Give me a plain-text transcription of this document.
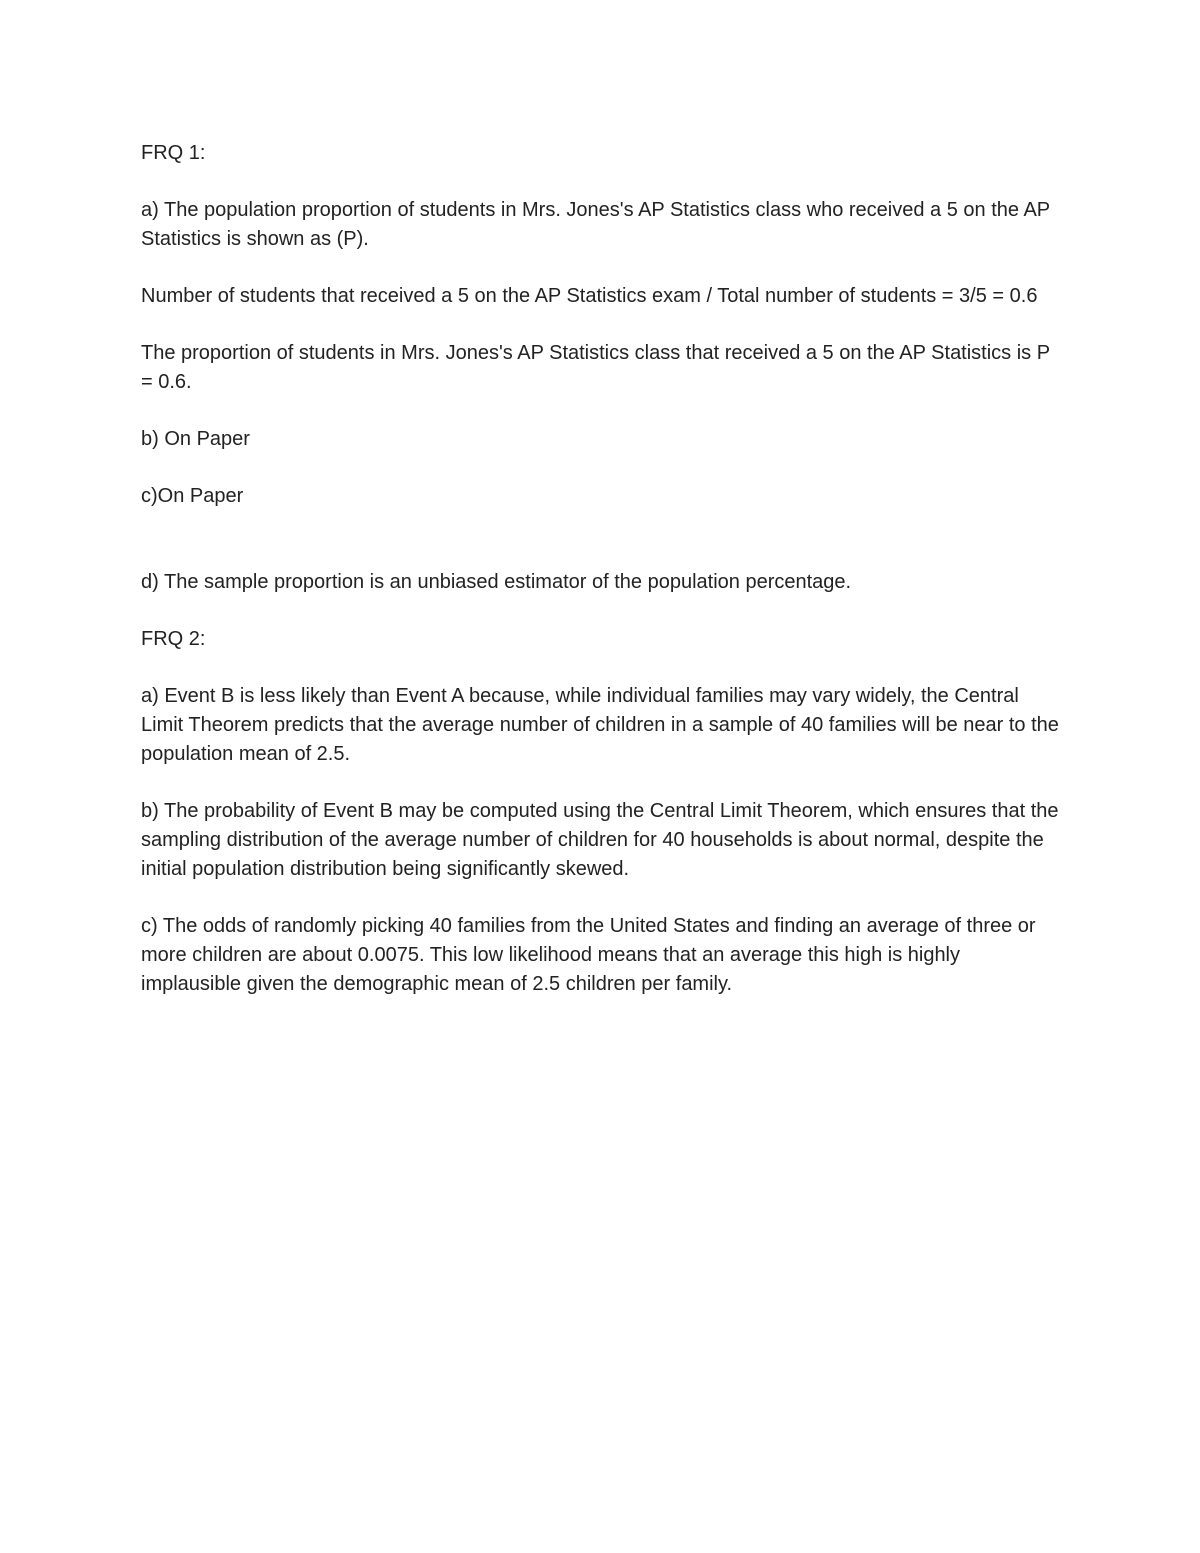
FRQ 1:

a) The population proportion of students in Mrs. Jones's AP Statistics class who received a 5 on the AP Statistics is shown as (P).

Number of students that received a 5 on the AP Statistics exam / Total number of students = 3/5 = 0.6

The proportion of students in Mrs. Jones's AP Statistics class that received a 5 on the AP Statistics is P = 0.6.

b) On Paper

c)On Paper

d) The sample proportion is an unbiased estimator of the population percentage.

FRQ 2:

a) Event B is less likely than Event A because, while individual families may vary widely, the Central Limit Theorem predicts that the average number of children in a sample of 40 families will be near to the population mean of 2.5.

b) The probability of Event B may be computed using the Central Limit Theorem, which ensures that the sampling distribution of the average number of children for 40 households is about normal, despite the initial population distribution being significantly skewed.

c) The odds of randomly picking 40 families from the United States and finding an average of three or more children are about 0.0075. This low likelihood means that an average this high is highly implausible given the demographic mean of 2.5 children per family.
